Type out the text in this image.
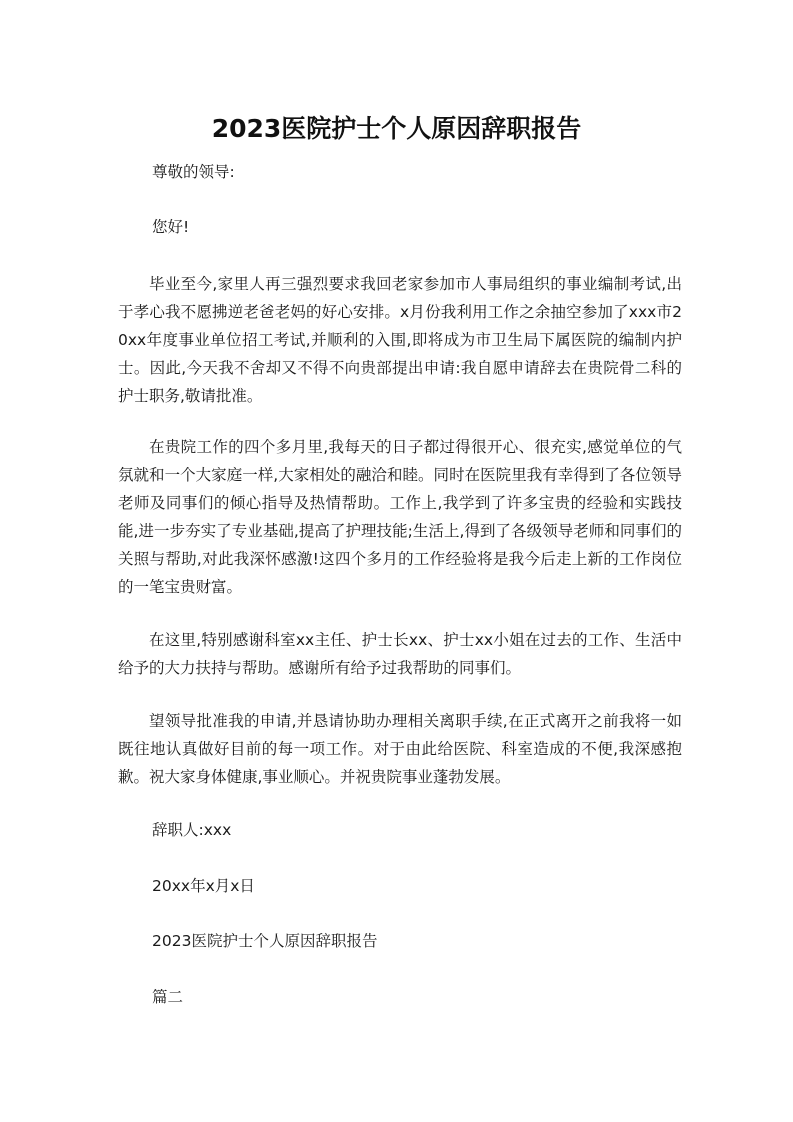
2023医院护士个人原因辞职报告

尊敬的领导:

您好!

毕业至今,家里人再三强烈要求我回老家参加市人事局组织的事业编制考试,出于孝心我不愿拂逆老爸老妈的好心安排。x月份我利用工作之余抽空参加了xxx市20xx年度事业单位招工考试,并顺利的入围,即将成为市卫生局下属医院的编制内护士。因此,今天我不舍却又不得不向贵部提出申请:我自愿申请辞去在贵院骨二科的护士职务,敬请批准。

在贵院工作的四个多月里,我每天的日子都过得很开心、很充实,感觉单位的气氛就和一个大家庭一样,大家相处的融洽和睦。同时在医院里我有幸得到了各位领导老师及同事们的倾心指导及热情帮助。工作上,我学到了许多宝贵的经验和实践技能,进一步夯实了专业基础,提高了护理技能;生活上,得到了各级领导老师和同事们的关照与帮助,对此我深怀感激!这四个多月的工作经验将是我今后走上新的工作岗位的一笔宝贵财富。

在这里,特别感谢科室xx主任、护士长xx、护士xx小姐在过去的工作、生活中给予的大力扶持与帮助。感谢所有给予过我帮助的同事们。

望领导批准我的申请,并恳请协助办理相关离职手续,在正式离开之前我将一如既往地认真做好目前的每一项工作。对于由此给医院、科室造成的不便,我深感抱歉。祝大家身体健康,事业顺心。并祝贵院事业蓬勃发展。

辞职人:xxx

20xx年x月x日

2023医院护士个人原因辞职报告

篇二
